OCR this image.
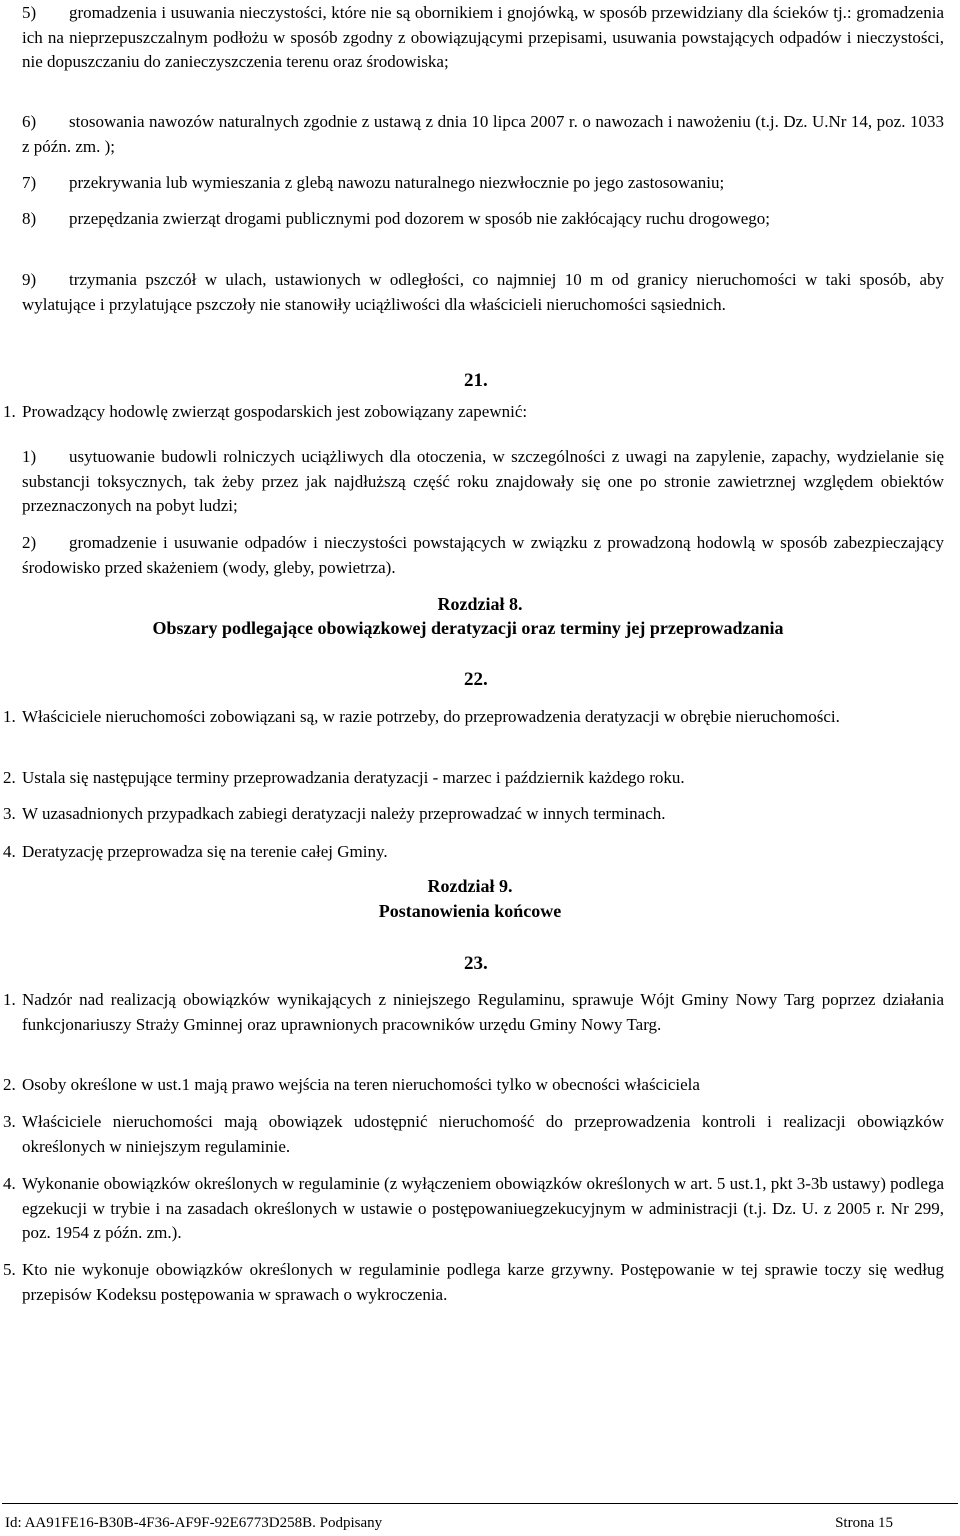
5)	gromadzenia i usuwania nieczystości, które nie są obornikiem i gnojówką, w sposób przewidziany dla ścieków tj.: gromadzenia ich na nieprzepuszczalnym podłożu w sposób zgodny z obowiązującymi przepisami, usuwania powstających odpadów i nieczystości, nie dopuszczaniu do zanieczyszczenia terenu oraz środowiska;
6)	stosowania nawozów naturalnych zgodnie z ustawą z dnia 10 lipca 2007 r. o nawozach i nawożeniu (t.j. Dz. U.Nr 14, poz. 1033 z późn. zm. );
7)	przekrywania lub wymieszania z glebą nawozu naturalnego niezwłocznie po jego zastosowaniu;
8)	przepędzania zwierząt drogami publicznymi pod dozorem w sposób nie zakłócający ruchu drogowego;
9)	trzymania pszczół w ulach, ustawionych w odległości, co najmniej 10 m od granicy nieruchomości w taki sposób, aby wylatujące i przylatujące pszczoły nie stanowiły uciążliwości dla właścicieli nieruchomości sąsiednich.
21.
1. Prowadzący hodowlę zwierząt gospodarskich jest zobowiązany zapewnić:
1)	usytuowanie budowli rolniczych uciążliwych dla otoczenia, w szczególności z uwagi na zapylenie, zapachy, wydzielanie się substancji toksycznych, tak żeby przez jak najdłuższą część roku znajdowały się one po stronie zawietrznej względem obiektów przeznaczonych na pobyt ludzi;
2)	gromadzenie i usuwanie odpadów i nieczystości powstających w związku z prowadzoną hodowlą w sposób zabezpieczający środowisko przed skażeniem (wody, gleby, powietrza).
Rozdział 8.
Obszary podlegające obowiązkowej deratyzacji oraz terminy jej przeprowadzania
22.
1. Właściciele nieruchomości zobowiązani są, w razie potrzeby, do przeprowadzenia deratyzacji w obrębie nieruchomości.
2. Ustala się następujące terminy przeprowadzania deratyzacji - marzec i październik każdego roku.
3. W uzasadnionych przypadkach zabiegi deratyzacji należy przeprowadzać w innych terminach.
4. Deratyzację przeprowadza się na terenie całej Gminy.
Rozdział 9.
Postanowienia końcowe
23.
1. Nadzór nad realizacją obowiązków wynikających z niniejszego Regulaminu, sprawuje Wójt Gminy Nowy Targ poprzez działania funkcjonariuszy Straży Gminnej oraz uprawnionych pracowników urzędu Gminy Nowy Targ.
2. Osoby określone w ust.1 mają prawo wejścia na teren nieruchomości tylko w obecności właściciela
3. Właściciele nieruchomości mają obowiązek udostępnić nieruchomość do przeprowadzenia kontroli i realizacji obowiązków określonych w niniejszym regulaminie.
4. Wykonanie obowiązków określonych w regulaminie (z wyłączeniem obowiązków określonych w art. 5 ust.1, pkt 3-3b ustawy) podlega egzekucji w trybie i na zasadach określonych w ustawie o postępowaniuegzekucyjnym w administracji (t.j. Dz. U. z 2005 r. Nr 299, poz. 1954 z późn. zm.).
5. Kto nie wykonuje obowiązków określonych w regulaminie podlega karze grzywny. Postępowanie w tej sprawie toczy się według przepisów Kodeksu postępowania w sprawach o wykroczenia.
Id: AA91FE16-B30B-4F36-AF9F-92E6773D258B. Podpisany	Strona 15
